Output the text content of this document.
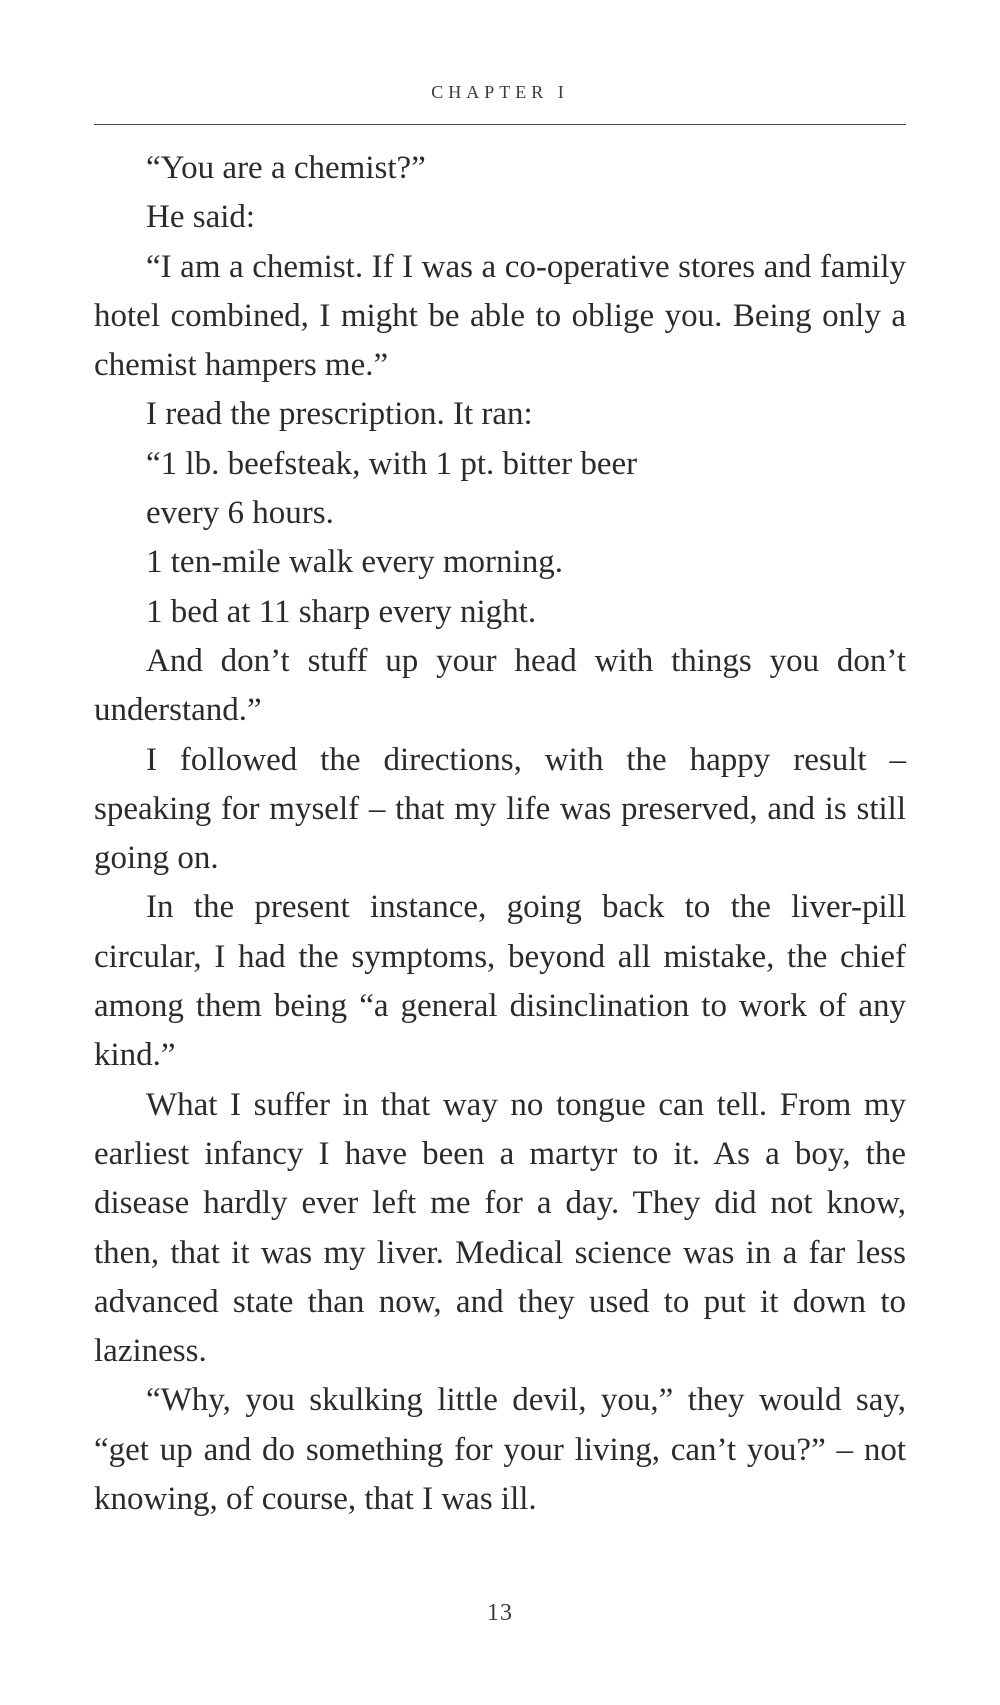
CHAPTER I

“You are a chemist?”

He said:

“I am a chemist. If I was a co-operative stores and family hotel combined, I might be able to oblige you. Being only a chemist hampers me.”

I read the prescription. It ran:

“1 lb. beefsteak, with 1 pt. bitter beer

every 6 hours.

1 ten-mile walk every morning.

1 bed at 11 sharp every night.

And don’t stuff up your head with things you don’t understand.”

I followed the directions, with the happy result – speaking for myself – that my life was preserved, and is still going on.

In the present instance, going back to the liver-pill circular, I had the symptoms, beyond all mistake, the chief among them being “a general disinclination to work of any kind.”

What I suffer in that way no tongue can tell. From my earliest infancy I have been a martyr to it. As a boy, the disease hardly ever left me for a day. They did not know, then, that it was my liver. Medical science was in a far less advanced state than now, and they used to put it down to laziness.

“Why, you skulking little devil, you,” they would say, “get up and do something for your living, can’t you?” – not knowing, of course, that I was ill.

13
